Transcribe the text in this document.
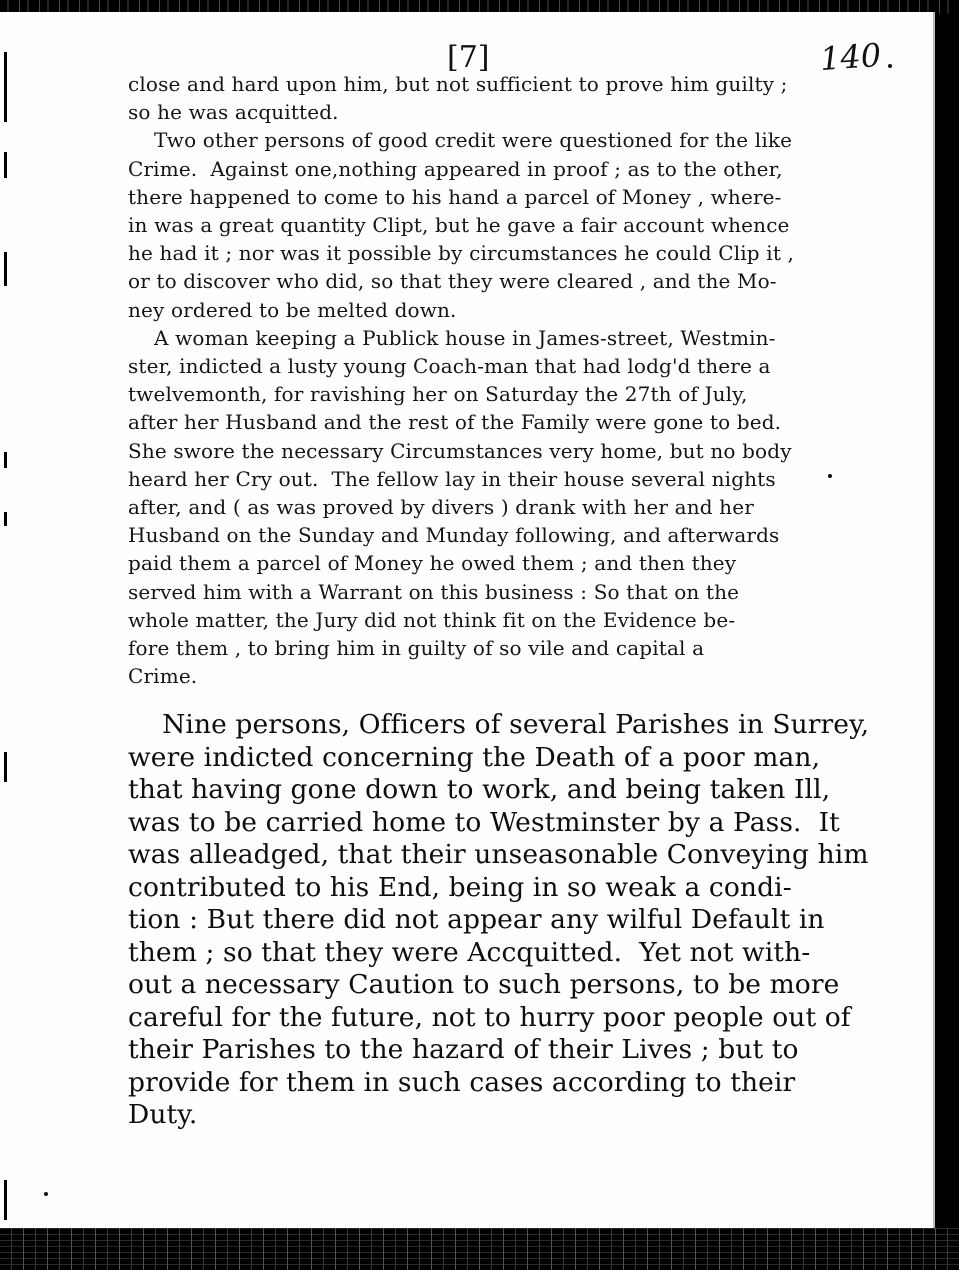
[7]	140
close and hard upon him, but not sufficient to prove him guilty ;
so he was acquitted.
Two other persons of good credit were questioned for the like
Crime.  Against one,nothing appeared in proof ; as to the other,
there happened to come to his hand a parcel of Money , where-
in was a great quantity Clipt, but he gave a fair account whence
he had it ; nor was it possible by circumstances he could Clip it ,
or to discover who did, so that they were cleared , and the Mo-
ney ordered to be melted down.
A woman keeping a Publick house in James-street, Westmin-
ster, indicted a lusty young Coach-man that had lodg'd there a
twelvemonth, for ravishing her on Saturday the 27th of July,
after her Husband and the rest of the Family were gone to bed.
She swore the necessary Circumstances very home, but no body
heard her Cry out.  The fellow lay in their house several nights
after, and ( as was proved by divers ) drank with her and her
Husband on the Sunday and Munday following, and afterwards
paid them a parcel of Money he owed them ; and then they
served him with a Warrant on this business : So that on the
whole matter, the Jury did not think fit on the Evidence be-
fore them , to bring him in guilty of so vile and capital a
Crime.
Nine persons, Officers of several Parishes in Surrey,
were indicted concerning the Death of a poor man,
that having gone down to work, and being taken Ill,
was to be carried home to Westminster by a Pass.  It
was alleadged, that their unseasonable Conveying him
contributed to his End, being in so weak a condi-
tion : But there did not appear any wilful Default in
them ; so that they were Accquitted.  Yet not with-
out a necessary Caution to such persons, to be more
careful for the future, not to hurry poor people out of
their Parishes to the hazard of their Lives ; but to
provide for them in such cases according to their
Duty.
